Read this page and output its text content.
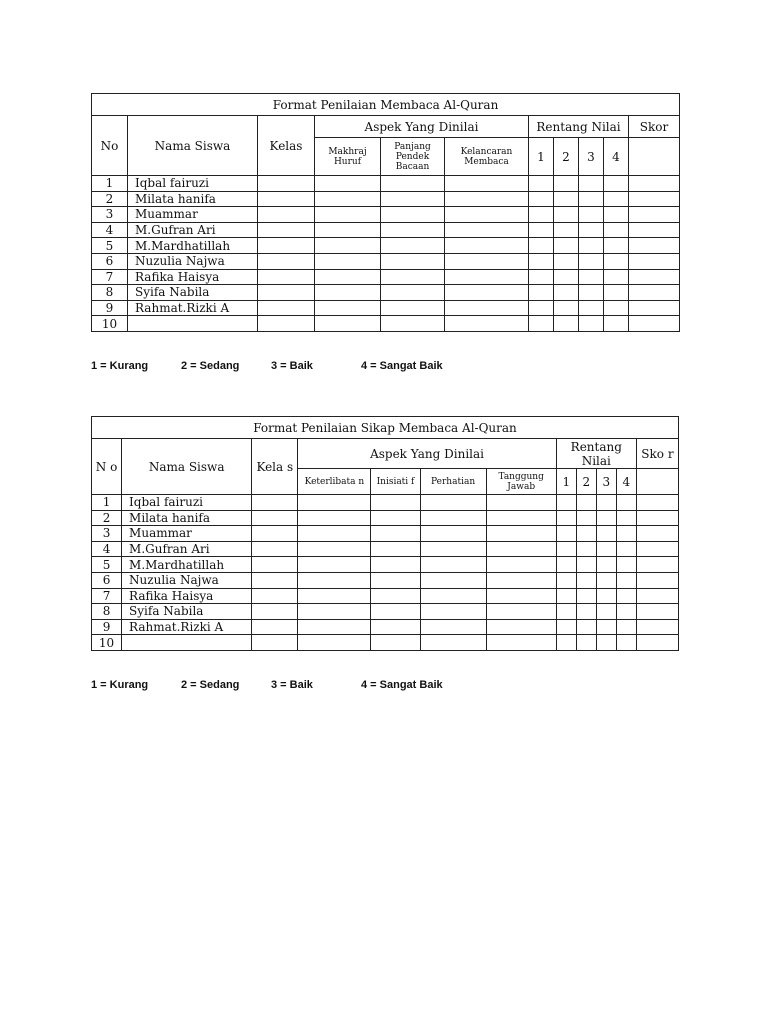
Format Penilaian Membaca Al-Quran										
No	Nama Siswa	Kelas	Aspek Yang Dinilai			Rentang Nilai				Skor
			Makhraj Huruf	Panjang Pendek Bacaan	Kelancaran Membaca	1	2	3	4	
1	Iqbal fairuzi									
2	Milata hanifa									
3	Muammar									
4	M.Gufran Ari									
5	M.Mardhatillah									
6	Nuzulia Najwa									
7	Rafika Haisya									
8	Syifa Nabila									
9	Rahmat.Rizki A									
10										
1 = Kurang	2 = Sedang	3 = Baik	4 = Sangat Baik
Format Penilaian Sikap Membaca Al-Quran											
N o	Nama Siswa	Kela s	Aspek Yang Dinilai				Rentang Nilai				Sko r
			Keterlibata n	Inisiati f	Perhatian	Tanggung Jawab	1	2	3	4	
1	Iqbal fairuzi										
2	Milata hanifa										
3	Muammar										
4	M.Gufran Ari										
5	M.Mardhatillah										
6	Nuzulia Najwa										
7	Rafika Haisya										
8	Syifa Nabila										
9	Rahmat.Rizki A										
10											
1 = Kurang	2 = Sedang	3 = Baik	4 = Sangat Baik
